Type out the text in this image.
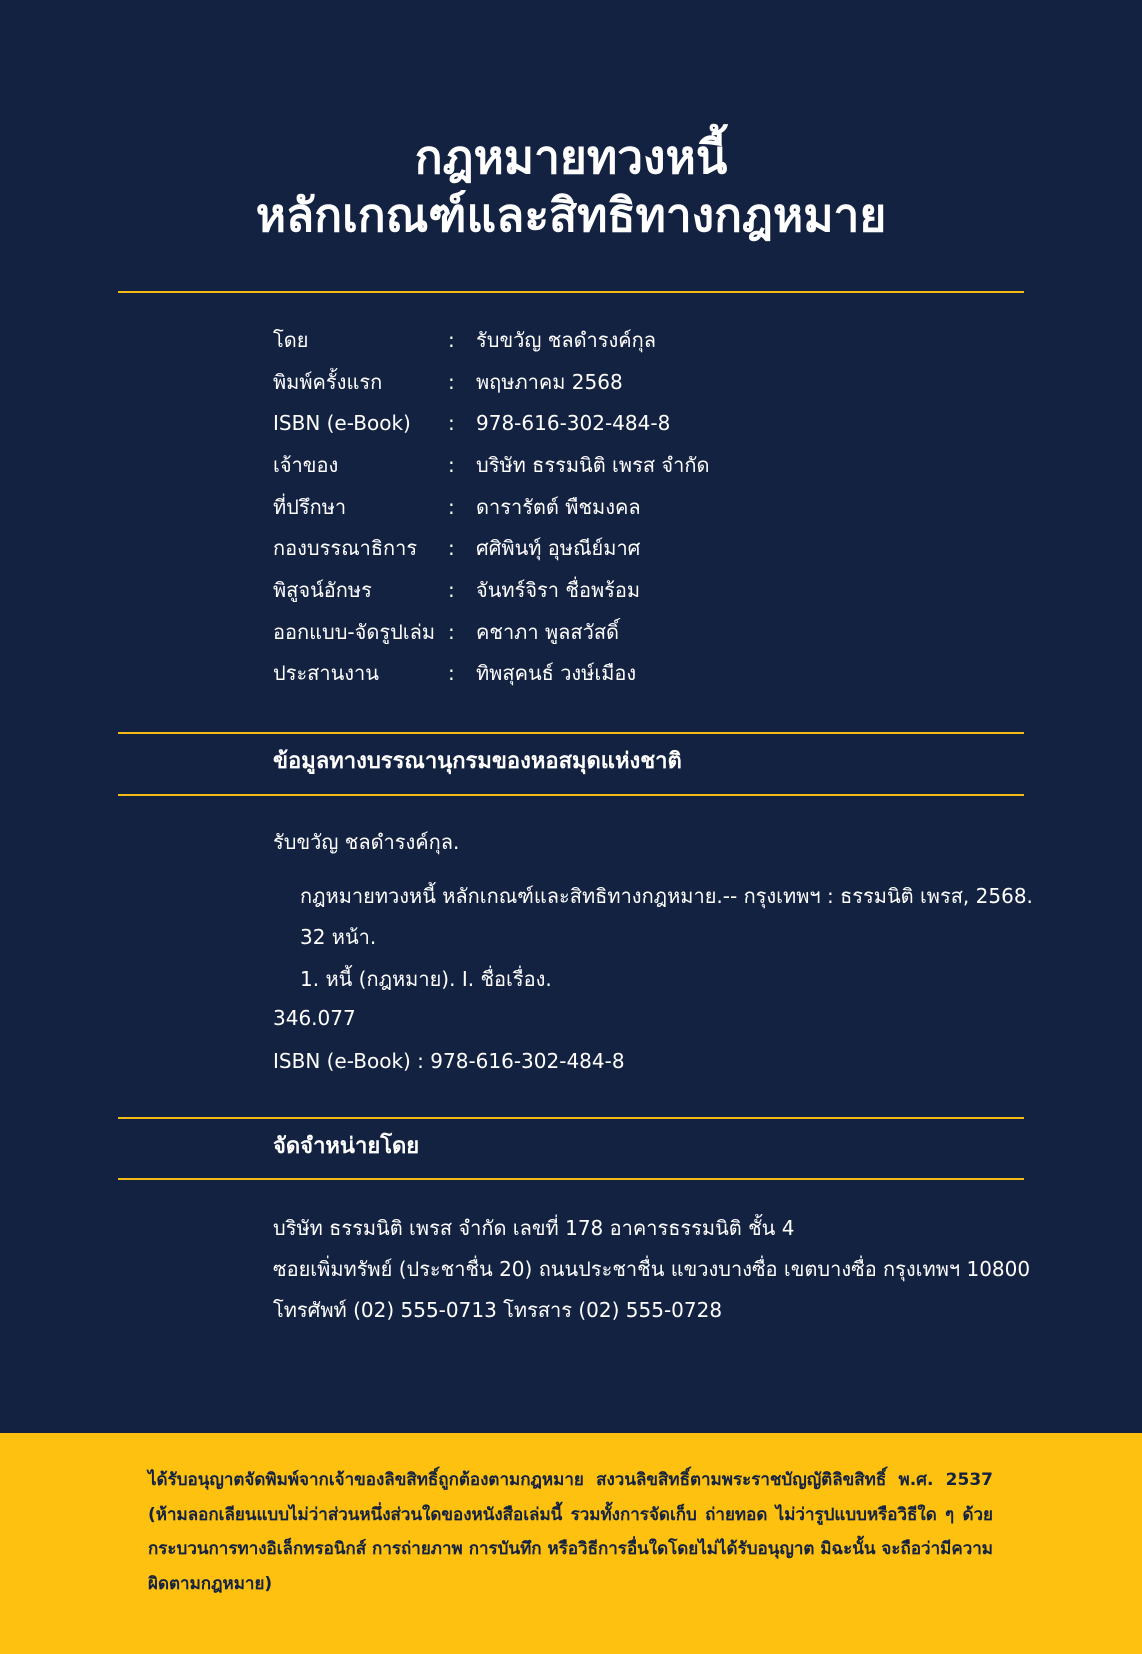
กฎหมายทวงหนี้
หลักเกณฑ์และสิทธิทางกฎหมาย
โดย	:	รับขวัญ ชลดำรงค์กุล
พิมพ์ครั้งแรก	:	พฤษภาคม 2568
ISBN (e-Book)	:	978-616-302-484-8
เจ้าของ	:	บริษัท ธรรมนิติ เพรส จำกัด
ที่ปรึกษา	:	ดารารัตต์ พืชมงคล
กองบรรณาธิการ	:	ศศิพินทุ์ อุษณีย์มาศ
พิสูจน์อักษร	:	จันทร์จิรา ชื่อพร้อม
ออกแบบ-จัดรูปเล่ม :	คชาภา พูลสวัสดิ์
ประสานงาน	:	ทิพสุคนธ์ วงษ์เมือง
ข้อมูลทางบรรณานุกรมของหอสมุดแห่งชาติ
รับขวัญ ชลดำรงค์กุล.
กฎหมายทวงหนี้ หลักเกณฑ์และสิทธิทางกฎหมาย.-- กรุงเทพฯ : ธรรมนิติ เพรส, 2568.
32 หน้า.
1. หนี้ (กฎหมาย). I. ชื่อเรื่อง.
346.077
ISBN (e-Book) : 978-616-302-484-8
จัดจำหน่ายโดย
บริษัท ธรรมนิติ เพรส จำกัด เลขที่ 178 อาคารธรรมนิติ ชั้น 4
ซอยเพิ่มทรัพย์ (ประชาชื่น 20) ถนนประชาชื่น แขวงบางซื่อ เขตบางซื่อ กรุงเทพฯ 10800
โทรศัพท์ (02) 555-0713 โทรสาร (02) 555-0728
ได้รับอนุญาตจัดพิมพ์จากเจ้าของลิขสิทธิ์ถูกต้องตามกฎหมาย สงวนลิขสิทธิ์ตามพระราชบัญญัติลิขสิทธิ์ พ.ศ. 2537 (ห้ามลอกเลียนแบบไม่ว่าส่วนหนึ่งส่วนใดของหนังสือเล่มนี้ รวมทั้งการจัดเก็บ ถ่ายทอด ไม่ว่ารูปแบบหรือวิธีใด ๆ ด้วยกระบวนการทางอิเล็กทรอนิกส์ การถ่ายภาพ การบันทึก หรือวิธีการอื่นใดโดยไม่ได้รับอนุญาต มิฉะนั้น จะถือว่ามีความผิดตามกฎหมาย)
